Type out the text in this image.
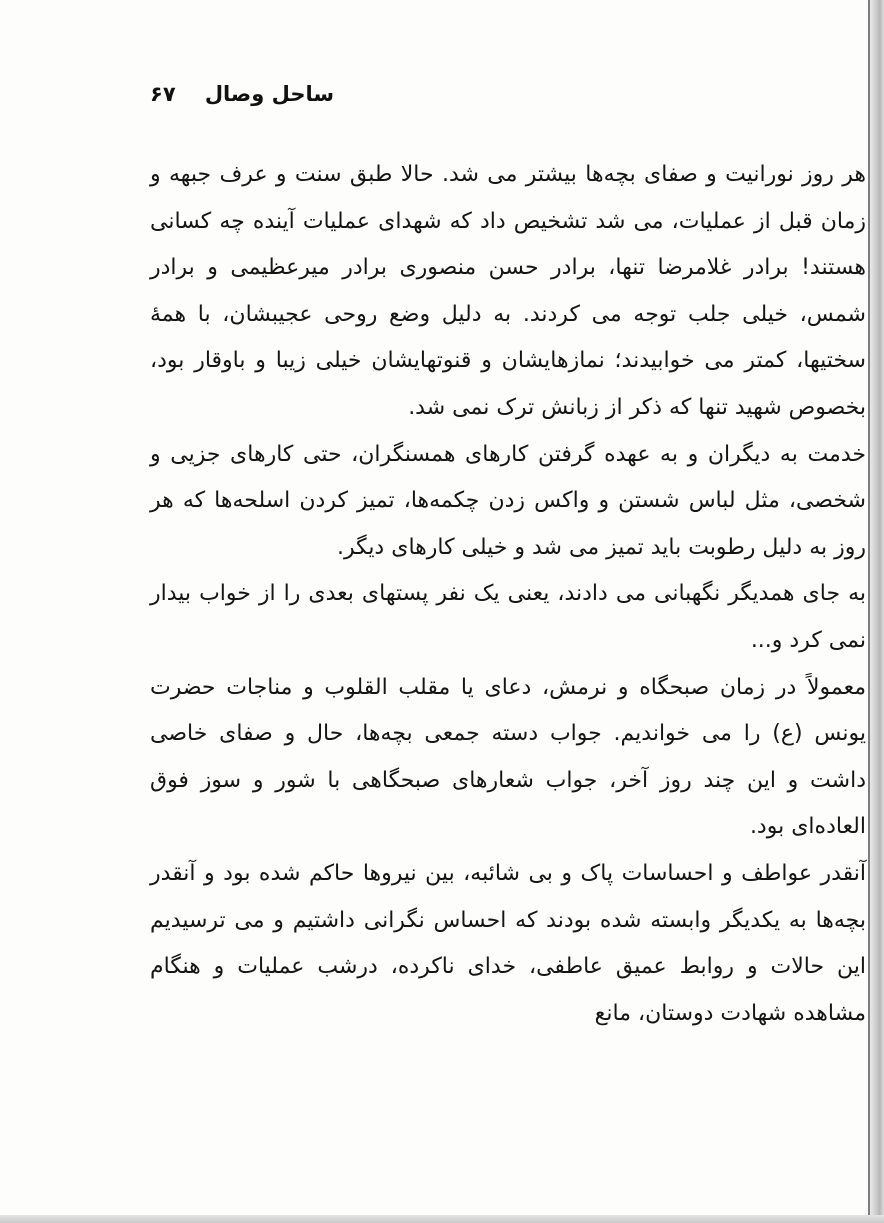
ساحل وصال
۶۷

هر روز نورانیت و صفای بچه‌ها بیشتر می شد. حالا طبق سنت و عرف جبهه و زمان قبل از عملیات، می شد تشخیص داد که شهدای عملیات آینده چه کسانی هستند! برادر غلامرضا تنها، برادر حسن منصوری برادر میرعظیمی و برادر شمس، خیلی جلب توجه می کردند. به دلیل وضع روحی عجیبشان، با همهٔ سختیها، کمتر می خوابیدند؛ نمازهایشان و قنوتهایشان خیلی زیبا و باوقار بود، بخصوص شهید تنها که ذکر از زبانش ترک نمی شد.

خدمت به دیگران و به عهده گرفتن کارهای همسنگران، حتی کارهای جزیی و شخصی، مثل لباس شستن و واکس زدن چکمه‌ها، تمیز کردن اسلحه‌ها که هر روز به دلیل رطوبت باید تمیز می شد و خیلی کارهای دیگر.

به جای همدیگر نگهبانی می دادند، یعنی یک نفر پستهای بعدی را از خواب بیدار نمی کرد و...

معمولاً در زمان صبحگاه و نرمش، دعای یا مقلب القلوب و مناجات حضرت یونس (ع) را می خواندیم. جواب دسته جمعی بچه‌ها، حال و صفای خاصی داشت و این چند روز آخر، جواب شعارهای صبحگاهی با شور و سوز فوق العاده‌ای بود.

آنقدر عواطف و احساسات پاک و بی شائبه، بین نیروها حاکم شده بود و آنقدر بچه‌ها به یکدیگر وابسته شده بودند که احساس نگرانی داشتیم و می ترسیدیم این حالات و روابط عمیق عاطفی، خدای ناکرده، درشب عملیات و هنگام مشاهده شهادت دوستان، مانع
